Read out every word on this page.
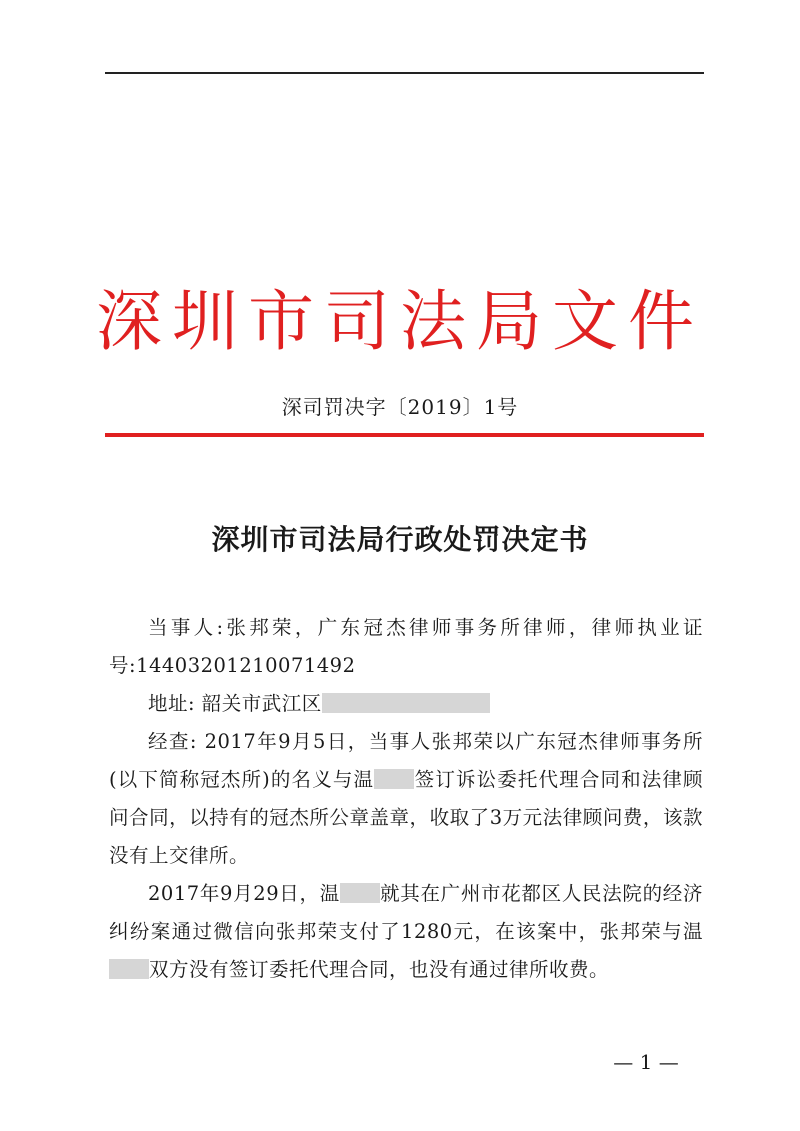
深圳市司法局文件
深司罚决字〔2019〕1号
深圳市司法局行政处罚决定书

当事人:张邦荣，广东冠杰律师事务所律师，律师执业证号:14403201210071492

地址: 韶关市武江区

经查: 2017年9月5日，当事人张邦荣以广东冠杰律师事务所(以下简称冠杰所)的名义与温 签订诉讼委托代理合同和法律顾问合同，以持有的冠杰所公章盖章，收取了3万元法律顾问费，该款没有上交律所。

2017年9月29日，温 就其在广州市花都区人民法院的经济纠纷案通过微信向张邦荣支付了1280元，在该案中，张邦荣与温双方没有签订委托代理合同，也没有通过律所收费。

— 1 —
